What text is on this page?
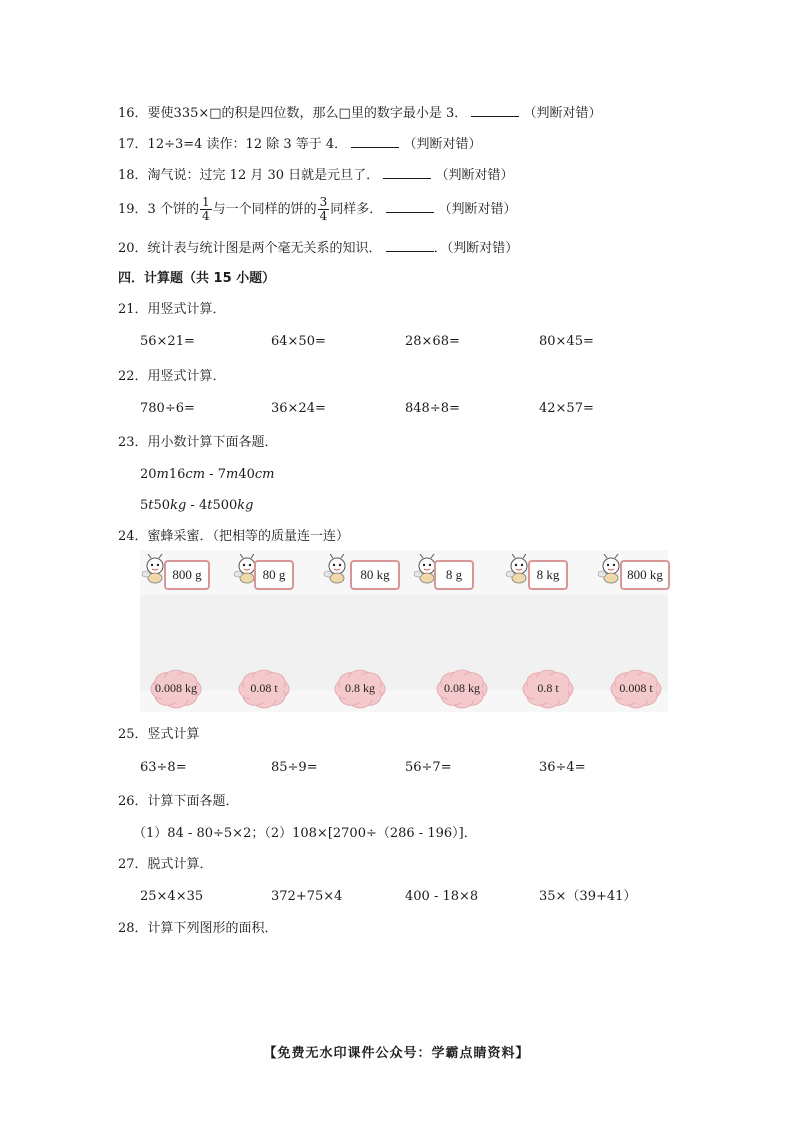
16．要使335×□的积是四位数，那么□里的数字最小是 3．	（判断对错）
17．12÷3=4 读作：12 除 3 等于 4．	（判断对错）
18．淘气说：过完 12 月 30 日就是元旦了．	（判断对错）
19．3 个饼的 $\frac{1}{4}$ 与一个同样的饼的 $\frac{3}{4}$ 同样多．	（判断对错）
20．统计表与统计图是两个毫无关系的知识．	．（判断对错）
四．计算题（共 15 小题）
21．用竖式计算．
56×21=	64×50=	28×68=	80×45=
22．用竖式计算．
780÷6=	36×24=	848÷8=	42×57=
23．用小数计算下面各题．
20m16cm - 7m40cm
5t50kg - 4t500kg
24．蜜蜂采蜜．（把相等的质量连一连）
800 g	80 g	80 kg	8 g	8 kg	800 kg
0.008 kg	0.08 t	0.8 kg	0.08 kg	0.8 t	0.008 t
25．竖式计算
63÷8=	85÷9=	56÷7=	36÷4=
26．计算下面各题．
（1）84 - 80÷5×2；（2）108×[2700÷（286 - 196）]．
27．脱式计算．
25×4×35	372+75×4	400 - 18×8	35×（39+41）
28．计算下列图形的面积．
【免费无水印课件公众号：学霸点睛资料】
